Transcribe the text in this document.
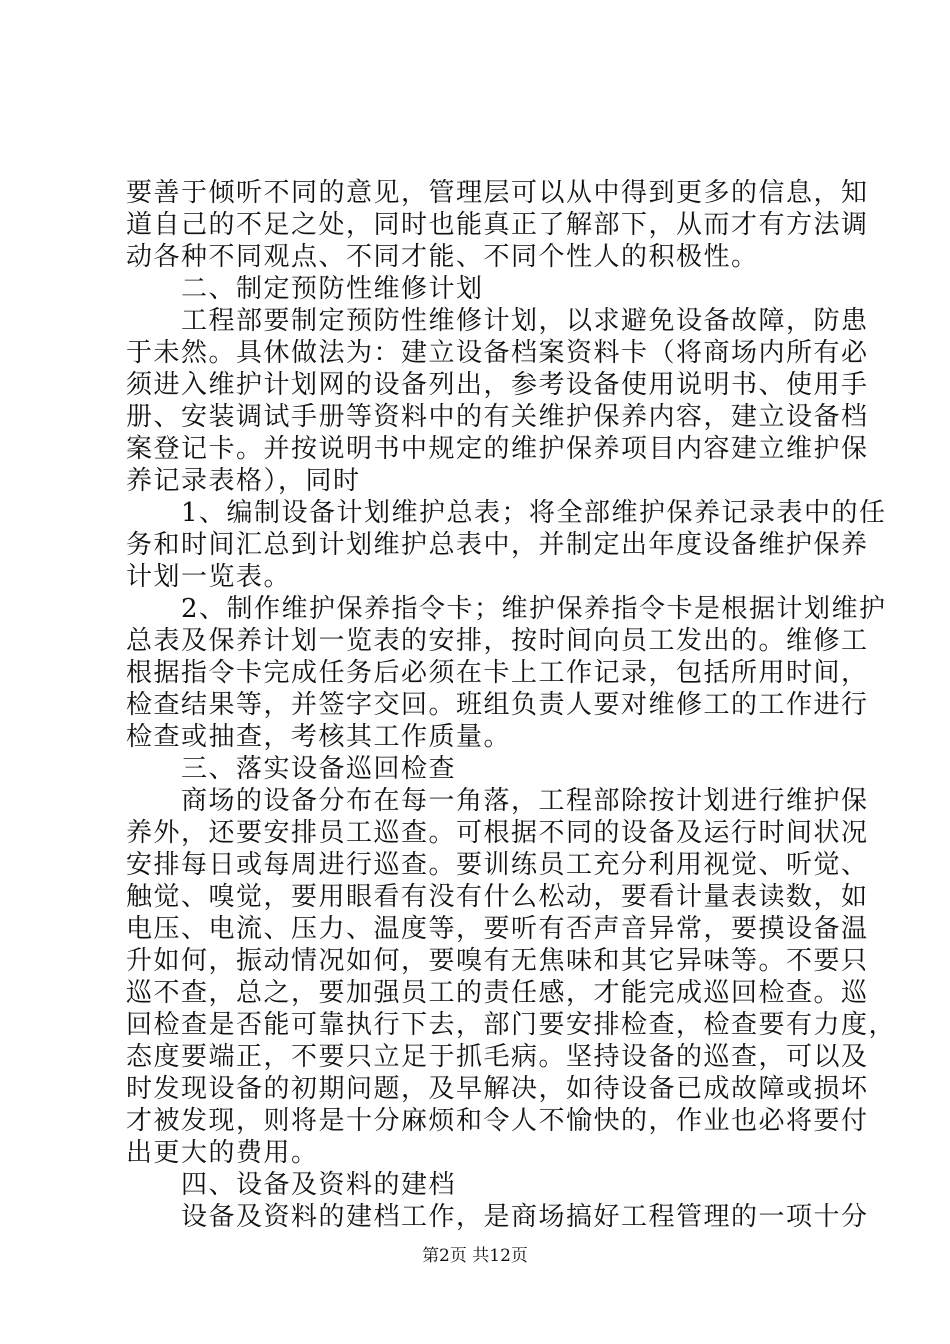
要善于倾听不同的意见，管理层可以从中得到更多的信息，知
道自己的不足之处，同时也能真正了解部下，从而才有方法调
动各种不同观点、不同才能、不同个性人的积极性。
　　二、制定预防性维修计划
　　工程部要制定预防性维修计划，以求避免设备故障，防患
于未然。具休做法为：建立设备档案资料卡（将商场内所有必
须进入维护计划网的设备列出，参考设备使用说明书、使用手
册、安装调试手册等资料中的有关维护保养内容，建立设备档
案登记卡。并按说明书中规定的维护保养项目内容建立维护保
养记录表格），同时
　　1、编制设备计划维护总表；将全部维护保养记录表中的任
务和时间汇总到计划维护总表中，并制定出年度设备维护保养
计划一览表。
　　2、制作维护保养指令卡；维护保养指令卡是根据计划维护
总表及保养计划一览表的安排，按时间向员工发出的。维修工
根据指令卡完成任务后必须在卡上工作记录，包括所用时间，
检查结果等，并签字交回。班组负责人要对维修工的工作进行
检查或抽查，考核其工作质量。
　　三、落实设备巡回检查
　　商场的设备分布在每一角落，工程部除按计划进行维护保
养外，还要安排员工巡查。可根据不同的设备及运行时间状况
安排每日或每周进行巡查。要训练员工充分利用视觉、听觉、
触觉、嗅觉，要用眼看有没有什么松动，要看计量表读数，如
电压、电流、压力、温度等，要听有否声音异常，要摸设备温
升如何，振动情况如何，要嗅有无焦味和其它异味等。不要只
巡不查，总之，要加强员工的责任感，才能完成巡回检查。巡
回检查是否能可靠执行下去，部门要安排检查，检查要有力度，
态度要端正，不要只立足于抓毛病。坚持设备的巡查，可以及
时发现设备的初期问题，及早解决，如待设备已成故障或损坏
才被发现，则将是十分麻烦和令人不愉快的，作业也必将要付
出更大的费用。
　　四、设备及资料的建档
　　设备及资料的建档工作，是商场搞好工程管理的一项十分
第2页 共12页
